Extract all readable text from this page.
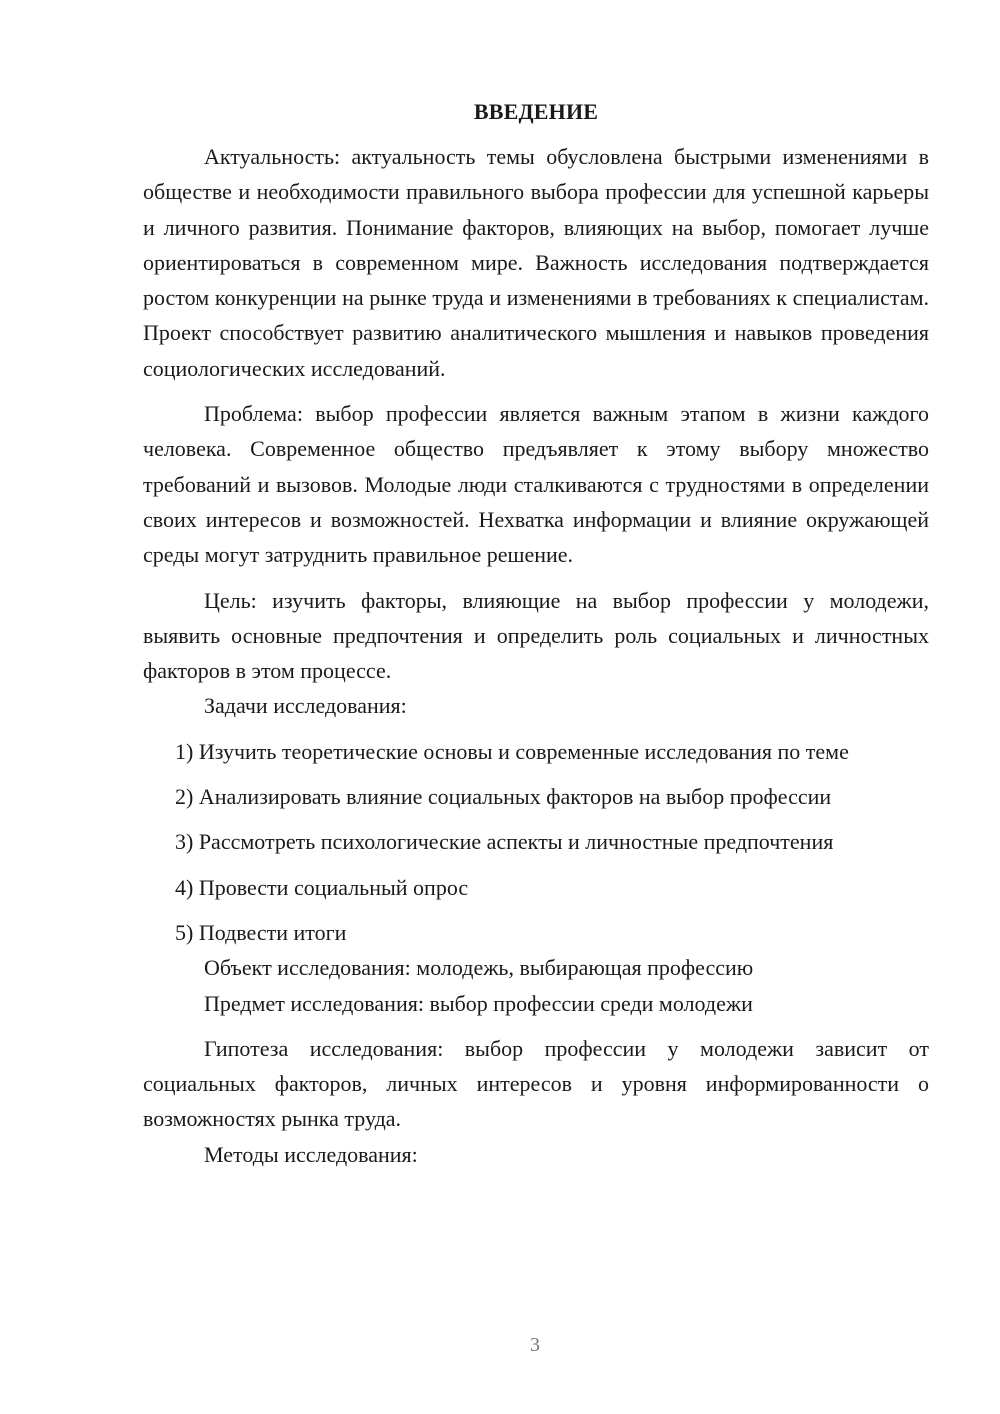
ВВЕДЕНИЕ

Актуальность: актуальность темы обусловлена быстрыми изменениями в обществе и необходимости правильного выбора профессии для успешной карьеры и личного развития. Понимание факторов, влияющих на выбор, помогает лучше ориентироваться в современном мире. Важность исследования подтверждается ростом конкуренции на рынке труда и изменениями в требованиях к специалистам. Проект способствует развитию аналитического мышления и навыков проведения социологических исследований.

Проблема: выбор профессии является важным этапом в жизни каждого человека. Современное общество предъявляет к этому выбору множество требований и вызовов. Молодые люди сталкиваются с трудностями в определении своих интересов и возможностей. Нехватка информации и влияние окружающей среды могут затруднить правильное решение.

Цель: изучить факторы, влияющие на выбор профессии у молодежи, выявить основные предпочтения и определить роль социальных и личностных факторов в этом процессе.

Задачи исследования:

1) Изучить теоретические основы и современные исследования по теме
2) Анализировать влияние социальных факторов на выбор профессии
3) Рассмотреть психологические аспекты и личностные предпочтения
4) Провести социальный опрос
5) Подвести итоги

Объект исследования: молодежь, выбирающая профессию

Предмет исследования: выбор профессии среди молодежи

Гипотеза исследования: выбор профессии у молодежи зависит от социальных факторов, личных интересов и уровня информированности о возможностях рынка труда.

Методы исследования:

3
